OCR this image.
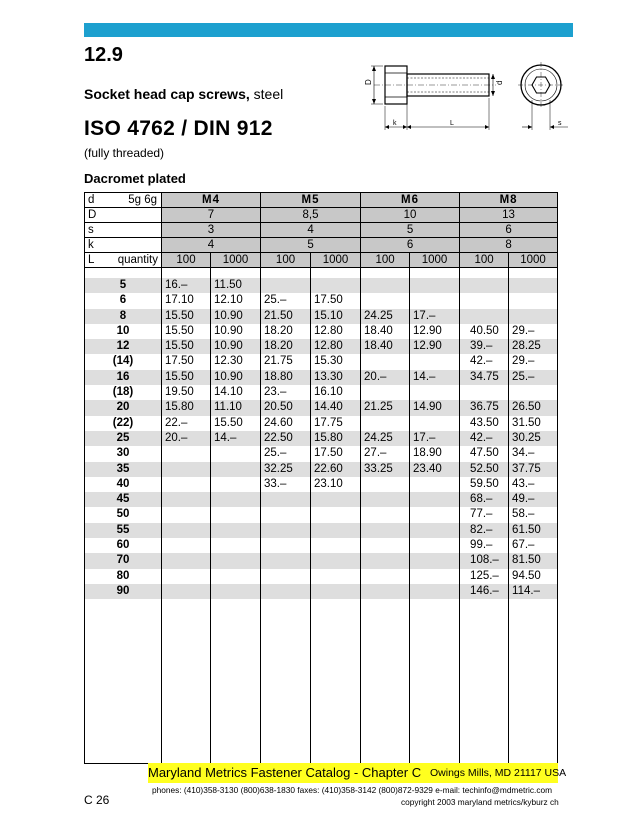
12.9
Socket head cap screws, steel
ISO 4762 / DIN 912
(fully threaded)
Dacromet plated
D	d
k	L	s
d 5g 6g	M4		M5		M6		M8	
D	7		8,5		10		13	
s	3		4		5		6	
k	4		5		6		8	

L quantity	100	1000	100	1000	100	1000	100	1000

5	16.–	11.50						
6	17.10	12.10	25.–	17.50				
8	15.50	10.90	21.50	15.10	24.25	17.–		
10	15.50	10.90	18.20	12.80	18.40	12.90	40.50	29.–
12	15.50	10.90	18.20	12.80	18.40	12.90	39.–	28.25
(14)	17.50	12.30	21.75	15.30			42.–	29.–
16	15.50	10.90	18.80	13.30	20.–	14.–	34.75	25.–
(18)	19.50	14.10	23.–	16.10				
20	15.80	11.10	20.50	14.40	21.25	14.90	36.75	26.50
(22)	22.–	15.50	24.60	17.75			43.50	31.50
25	20.–	14.–	22.50	15.80	24.25	17.–	42.–	30.25
30			25.–	17.50	27.–	18.90	47.50	34.–
35			32.25	22.60	33.25	23.40	52.50	37.75
40			33.–	23.10			59.50	43.–
45							68.–	49.–
50							77.–	58.–
55							82.–	61.50
60							99.–	67.–
70							108.–	81.50
80							125.–	94.50
90							146.–	114.–

Maryland Metrics Fastener Catalog - Chapter C Owings Mills, MD 21117 USA
C 26
phones: (410)358-3130 (800)638-1830 faxes: (410)358-3142 (800)872-9329 e-mail: techinfo@mdmetric.com
copyright 2003 maryland metrics/kyburz ch
